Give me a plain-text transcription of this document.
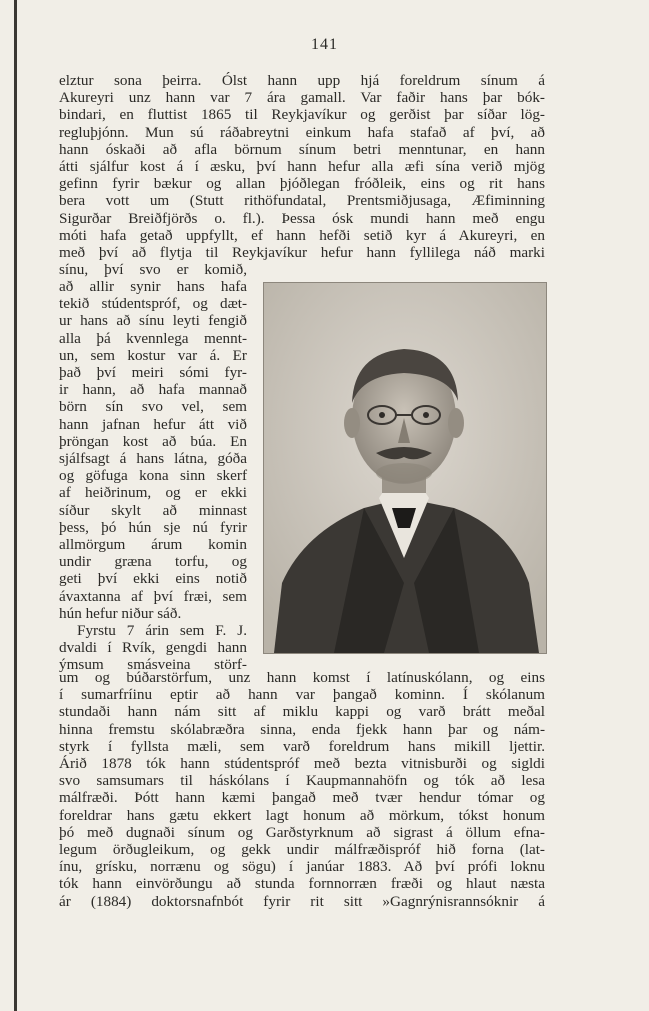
141
elztur sona þeirra. Ólst hann upp hjá foreldrum sínum á
Akureyri unz hann var 7 ára gamall. Var faðir hans þar bók-
bindari, en fluttist 1865 til Reykjavíkur og gerðist þar síðar lög-
regluþjónn. Mun sú ráðabreytni einkum hafa stafað af því, að
hann óskaði að afla börnum sínum betri menntunar, en hann
átti sjálfur kost á í æsku, því hann hefur alla æfi sína verið mjög
gefinn fyrir bækur og allan þjóðlegan fróðleik, eins og rit hans
bera vott um (Stutt rithöfundatal, Prentsmiðjusaga, Æfiminning
Sigurðar Breiðfjörðs o. fl.). Þessa ósk mundi hann með engu
móti hafa getað uppfyllt, ef hann hefði setið kyr á Akureyri, en
með því að flytja til Reykjavíkur hefur hann fyllilega náð marki
sínu, því svo er komið,
að allir synir hans hafa
tekið stúdentspróf, og dæt-
ur hans að sínu leyti fengið
alla þá kvennlega mennt-
un, sem kostur var á. Er
það því meiri sómi fyr-
ir hann, að hafa mannað
börn sín svo vel, sem
hann jafnan hefur átt við
þröngan kost að búa. En
sjálfsagt á hans látna, góða
og göfuga kona sinn skerf
af heiðrinum, og er ekki
síður skylt að minnast
þess, þó hún sje nú fyrir
allmörgum árum komin
undir græna torfu, og
geti því ekki eins notið
ávaxtanna af því fræi, sem
hún hefur niður sáð.
Fyrstu 7 árin sem F. J.
dvaldi í Rvík, gengdi hann
ýmsum smásveina störf-
um og búðarstörfum, unz hann komst í latínuskólann, og eins
í sumarfríinu eptir að hann var þangað kominn. Í skólanum
stundaði hann nám sitt af miklu kappi og varð brátt meðal
hinna fremstu skólabræðra sinna, enda fjekk hann þar og nám-
styrk í fyllsta mæli, sem varð foreldrum hans mikill ljettir.
Árið 1878 tók hann stúdentspróf með bezta vitnisburði og sigldi
svo samsumars til háskólans í Kaupmannahöfn og tók að lesa
málfræði. Þótt hann kæmi þangað með tvær hendur tómar og
foreldrar hans gætu ekkert lagt honum að mörkum, tókst honum
þó með dugnaði sínum og Garðstyrknum að sigrast á öllum efna-
legum örðugleikum, og gekk undir málfræðispróf hið forna (lat-
ínu, grísku, norrænu og sögu) í janúar 1883. Að því prófi loknu
tók hann einvörðungu að stunda fornnorræn fræði og hlaut næsta
ár (1884) doktorsnafnbót fyrir rit sitt »Gagnrýnisrannsóknir á
